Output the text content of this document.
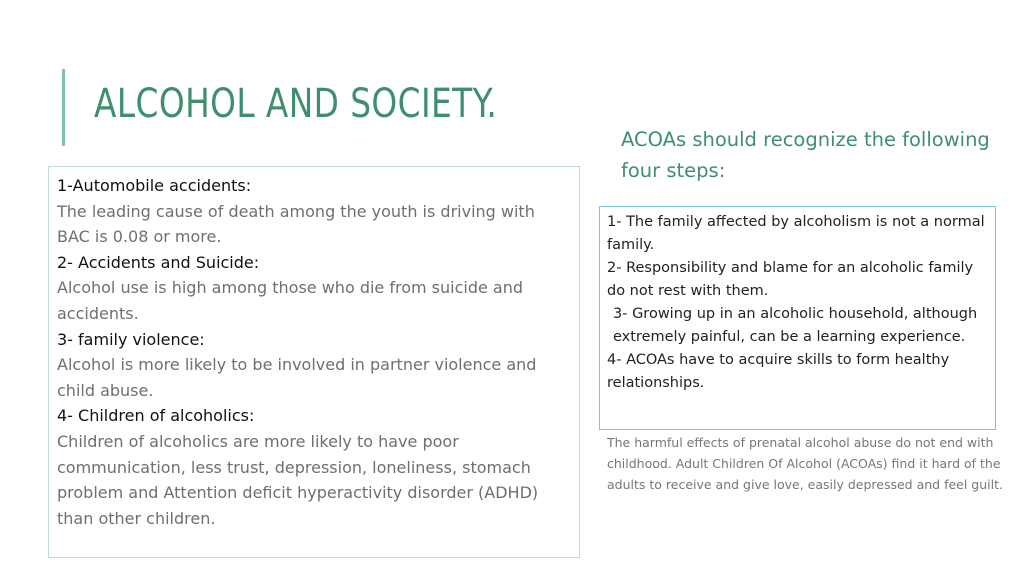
ALCOHOL AND SOCIETY.

1-Automobile accidents:

The leading cause of death among the youth is driving with BAC is 0.08 or more.

2- Accidents and Suicide:

Alcohol use is high among those who die from suicide and accidents.

3- family violence:

Alcohol is more likely to be involved in partner violence and child abuse.

4- Children of alcoholics:

Children of alcoholics are more likely to have poor communication, less trust, depression, loneliness, stomach problem and Attention deficit hyperactivity disorder (ADHD) than other children.

ACOAs should recognize the following four steps:

1- The family affected by alcoholism is not a normal family.

2- Responsibility and blame for an alcoholic family do not rest with them.

3- Growing up in an alcoholic household, although extremely painful, can be a learning experience.

4- ACOAs have to acquire skills to form healthy relationships.

The harmful effects of prenatal alcohol abuse do not end with childhood. Adult Children Of Alcohol (ACOAs) find it hard of the adults to receive and give love, easily depressed and feel guilt.
